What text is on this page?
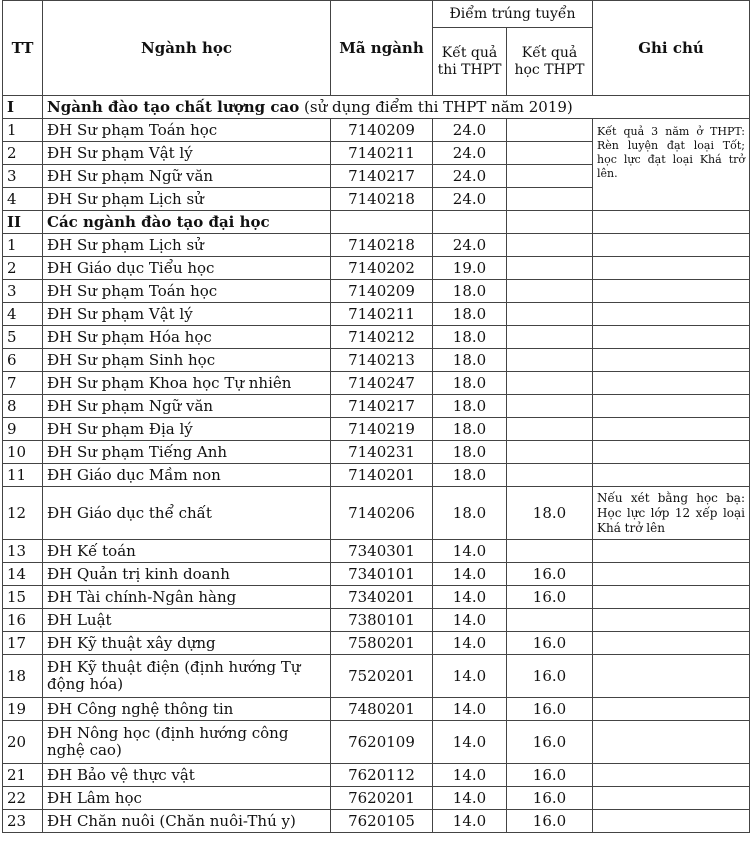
TT	Ngành học	Mã ngành	Điểm trúng tuyển		Ghi chú
			Kết quả thi THPT	Kết quả học THPT	
I	Ngành đào tạo chất lượng cao (sử dụng điểm thi THPT năm 2019)				
1	ĐH Sư phạm Toán học	7140209	24.0		Kết quả 3 năm ở THPT: Rèn luyện đạt loại Tốt; học lực đạt loại Khá trở lên.
2	ĐH Sư phạm Vật lý	7140211	24.0		
3	ĐH Sư phạm Ngữ văn	7140217	24.0		
4	ĐH Sư phạm Lịch sử	7140218	24.0		
II	Các ngành đào tạo đại học				
1	ĐH Sư phạm Lịch sử	7140218	24.0		
2	ĐH Giáo dục Tiểu học	7140202	19.0		
3	ĐH Sư phạm Toán học	7140209	18.0		
4	ĐH Sư phạm Vật lý	7140211	18.0		
5	ĐH Sư phạm Hóa học	7140212	18.0		
6	ĐH Sư phạm Sinh học	7140213	18.0		
7	ĐH Sư phạm Khoa học Tự nhiên	7140247	18.0		
8	ĐH Sư phạm Ngữ văn	7140217	18.0		
9	ĐH Sư phạm Địa lý	7140219	18.0		
10	ĐH Sư phạm Tiếng Anh	7140231	18.0		
11	ĐH Giáo dục Mầm non	7140201	18.0		
12	ĐH Giáo dục thể chất	7140206	18.0	18.0	Nếu xét bằng học bạ: Học lực lớp 12 xếp loại Khá trở lên
13	ĐH Kế toán	7340301	14.0		
14	ĐH Quản trị kinh doanh	7340101	14.0	16.0	
15	ĐH Tài chính-Ngân hàng	7340201	14.0	16.0	
16	ĐH Luật	7380101	14.0		
17	ĐH Kỹ thuật xây dựng	7580201	14.0	16.0	
18	ĐH Kỹ thuật điện (định hướng Tự động hóa)	7520201	14.0	16.0	
19	ĐH Công nghệ thông tin	7480201	14.0	16.0	
20	ĐH Nông học (định hướng công nghệ cao)	7620109	14.0	16.0	
21	ĐH Bảo vệ thực vật	7620112	14.0	16.0	
22	ĐH Lâm học	7620201	14.0	16.0	
23	ĐH Chăn nuôi (Chăn nuôi-Thú y)	7620105	14.0	16.0	
